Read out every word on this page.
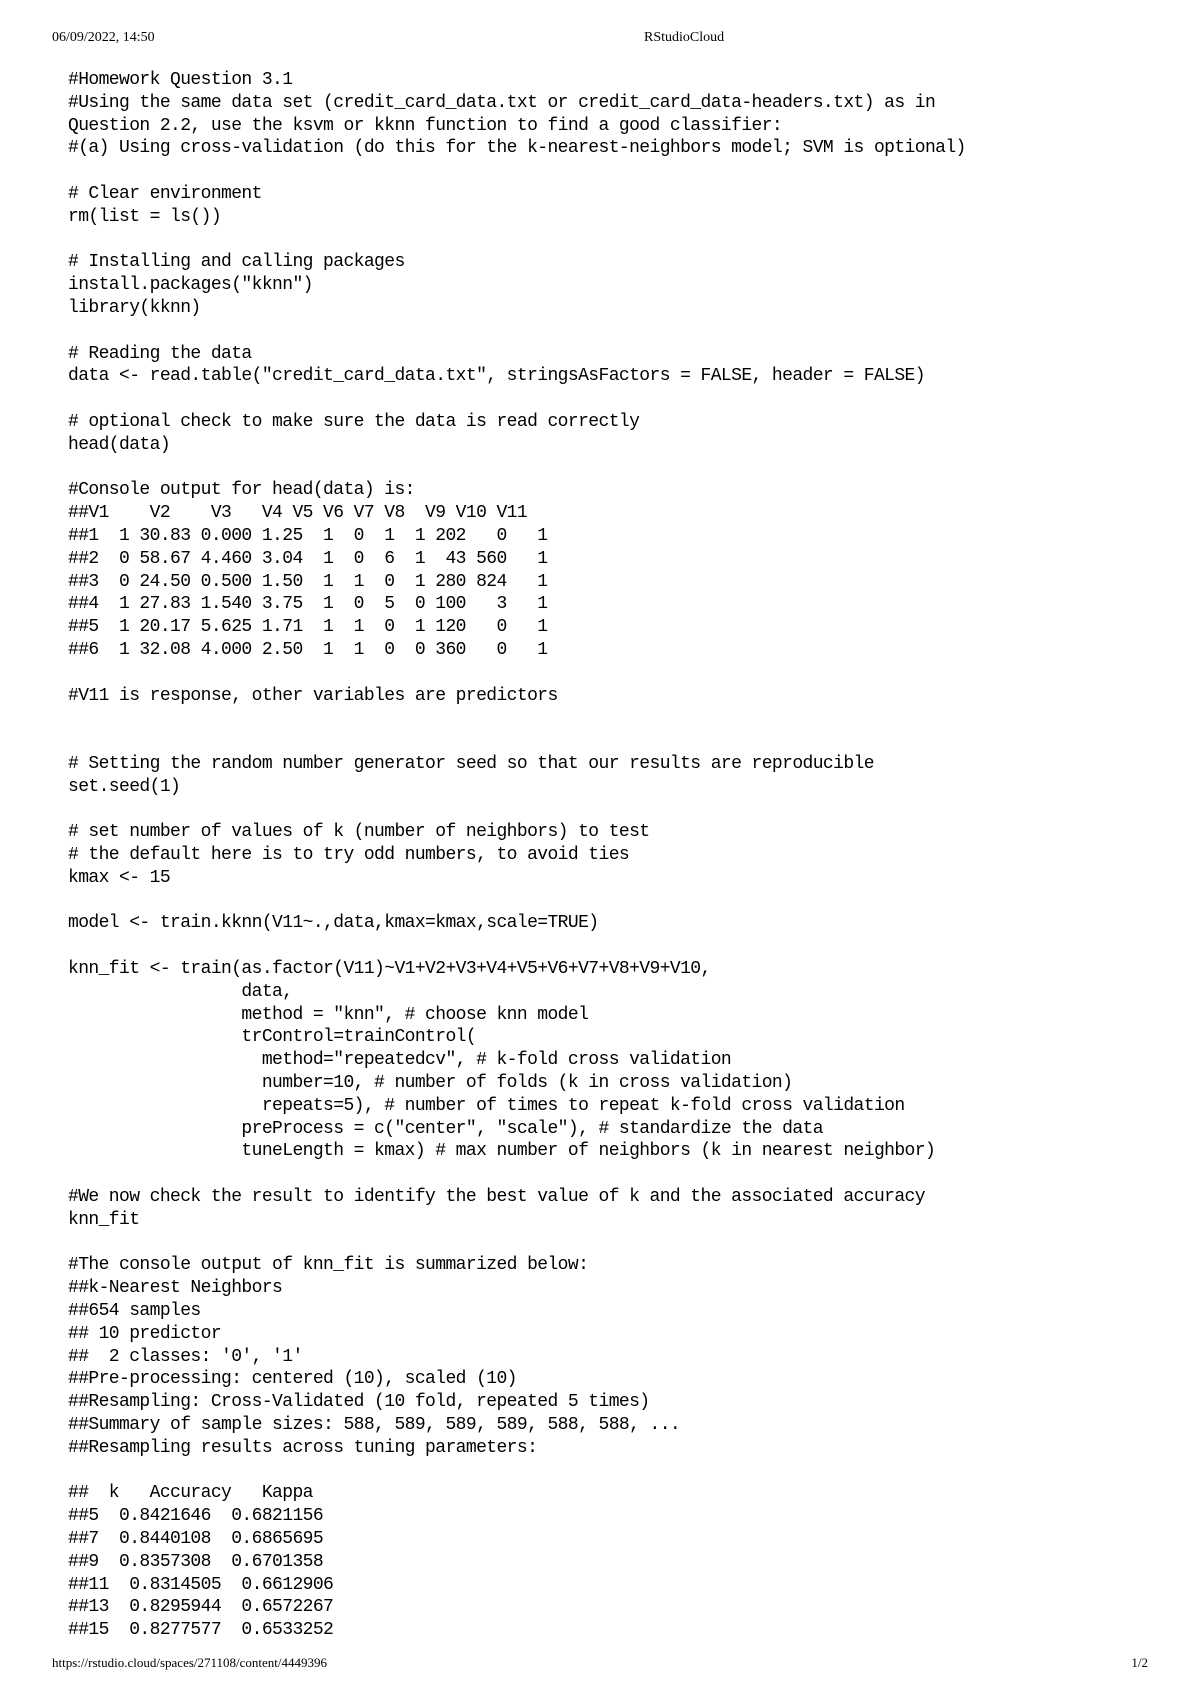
06/09/2022, 14:50	RStudioCloud
#Homework Question 3.1
#Using the same data set (credit_card_data.txt or credit_card_data-headers.txt) as in
Question 2.2, use the ksvm or kknn function to find a good classifier:
#(a) Using cross-validation (do this for the k-nearest-neighbors model; SVM is optional)
# Clear environment
rm(list = ls())
# Installing and calling packages
install.packages("kknn")
library(kknn)
# Reading the data
data <- read.table("credit_card_data.txt", stringsAsFactors = FALSE, header = FALSE)
# optional check to make sure the data is read correctly
head(data)
#Console output for head(data) is:
##V1    V2    V3   V4 V5 V6 V7 V8  V9 V10 V11
##1  1 30.83 0.000 1.25  1  0  1  1 202   0   1
##2  0 58.67 4.460 3.04  1  0  6  1  43 560   1
##3  0 24.50 0.500 1.50  1  1  0  1 280 824   1
##4  1 27.83 1.540 3.75  1  0  5  0 100   3   1
##5  1 20.17 5.625 1.71  1  1  0  1 120   0   1
##6  1 32.08 4.000 2.50  1  1  0  0 360   0   1
#V11 is response, other variables are predictors
# Setting the random number generator seed so that our results are reproducible
set.seed(1)
# set number of values of k (number of neighbors) to test
# the default here is to try odd numbers, to avoid ties
kmax <- 15
model <- train.kknn(V11~.,data,kmax=kmax,scale=TRUE)
knn_fit <- train(as.factor(V11)~V1+V2+V3+V4+V5+V6+V7+V8+V9+V10,
data,
method = "knn", # choose knn model
trControl=trainControl(
method="repeatedcv", # k-fold cross validation
number=10, # number of folds (k in cross validation)
repeats=5), # number of times to repeat k-fold cross validation
preProcess = c("center", "scale"), # standardize the data
tuneLength = kmax) # max number of neighbors (k in nearest neighbor)
#We now check the result to identify the best value of k and the associated accuracy
knn_fit
#The console output of knn_fit is summarized below:
##k-Nearest Neighbors
##654 samples
## 10 predictor
##  2 classes: '0', '1'
##Pre-processing: centered (10), scaled (10)
##Resampling: Cross-Validated (10 fold, repeated 5 times)
##Summary of sample sizes: 588, 589, 589, 589, 588, 588, ...
##Resampling results across tuning parameters:
##  k   Accuracy   Kappa
##5  0.8421646  0.6821156
##7  0.8440108  0.6865695
##9  0.8357308  0.6701358
##11  0.8314505  0.6612906
##13  0.8295944  0.6572267
##15  0.8277577  0.6533252
https://rstudio.cloud/spaces/271108/content/4449396	1/2
